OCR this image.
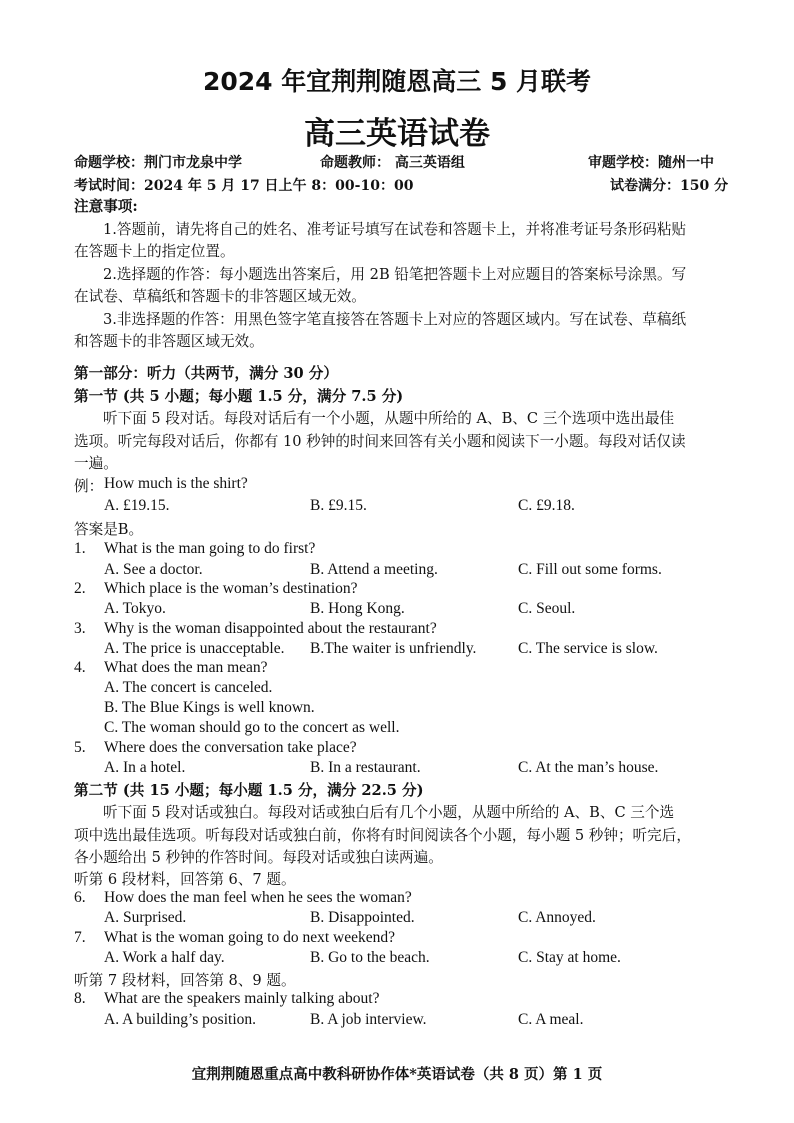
2024 年宜荆荆随恩高三 5 月联考
高三英语试卷
命题学校：荆门市龙泉中学	命题教师： 高三英语组	审题学校：随州一中
考试时间：2024 年 5 月 17 日上午 8：00-10：00	试卷满分：150 分
注意事项:
1.答题前，请先将自己的姓名、准考证号填写在试卷和答题卡上，并将准考证号条形码粘贴
在答题卡上的指定位置。
2.选择题的作答：每小题选出答案后，用 2B 铅笔把答题卡上对应题目的答案标号涂黑。写
在试卷、草稿纸和答题卡的非答题区域无效。
3.非选择题的作答：用黑色签字笔直接答在答题卡上对应的答题区域内。写在试卷、草稿纸
和答题卡的非答题区域无效。
第一部分：听力（共两节，满分 30 分）
第一节 (共 5 小题；每小题 1.5 分，满分 7.5 分)
听下面 5 段对话。每段对话后有一个小题，从题中所给的 A、B、C 三个选项中选出最佳
选项。听完每段对话后，你都有 10 秒钟的时间来回答有关小题和阅读下一小题。每段对话仅读
一遍。
例： How much is the shirt?
A. £19.15.	B. £9.15.	C. £9.18.
答案是B。
1. What is the man going to do first?
A. See a doctor.	B. Attend a meeting.	C. Fill out some forms.
2. Which place is the woman’s destination?
A. Tokyo.	B. Hong Kong.	C. Seoul.
3. Why is the woman disappointed about the restaurant?
A. The price is unacceptable. B.The waiter is unfriendly.	C. The service is slow.
4. What does the man mean?
A. The concert is canceled.
B. The Blue Kings is well known.
C. The woman should go to the concert as well.
5. Where does the conversation take place?
A. In a hotel.	B. In a restaurant.	C. At the man’s house.
第二节 (共 15 小题；每小题 1.5 分，满分 22.5 分)
听下面 5 段对话或独白。每段对话或独白后有几个小题，从题中所给的 A、B、C 三个选
项中选出最佳选项。听每段对话或独白前，你将有时间阅读各个小题，每小题 5 秒钟；听完后，
各小题给出 5 秒钟的作答时间。每段对话或独白读两遍。
听第 6 段材料，回答第 6、7 题。
6. How does the man feel when he sees the woman?
A. Surprised.	B. Disappointed.	C. Annoyed.
7. What is the woman going to do next weekend?
A. Work a half day.	B. Go to the beach.	C. Stay at home.
听第 7 段材料，回答第 8、9 题。
8. What are the speakers mainly talking about?
A. A building’s position.	B. A job interview.	C. A meal.
宜荆荆随恩重点高中教科研协作体*英语试卷（共 8 页）第 1 页
